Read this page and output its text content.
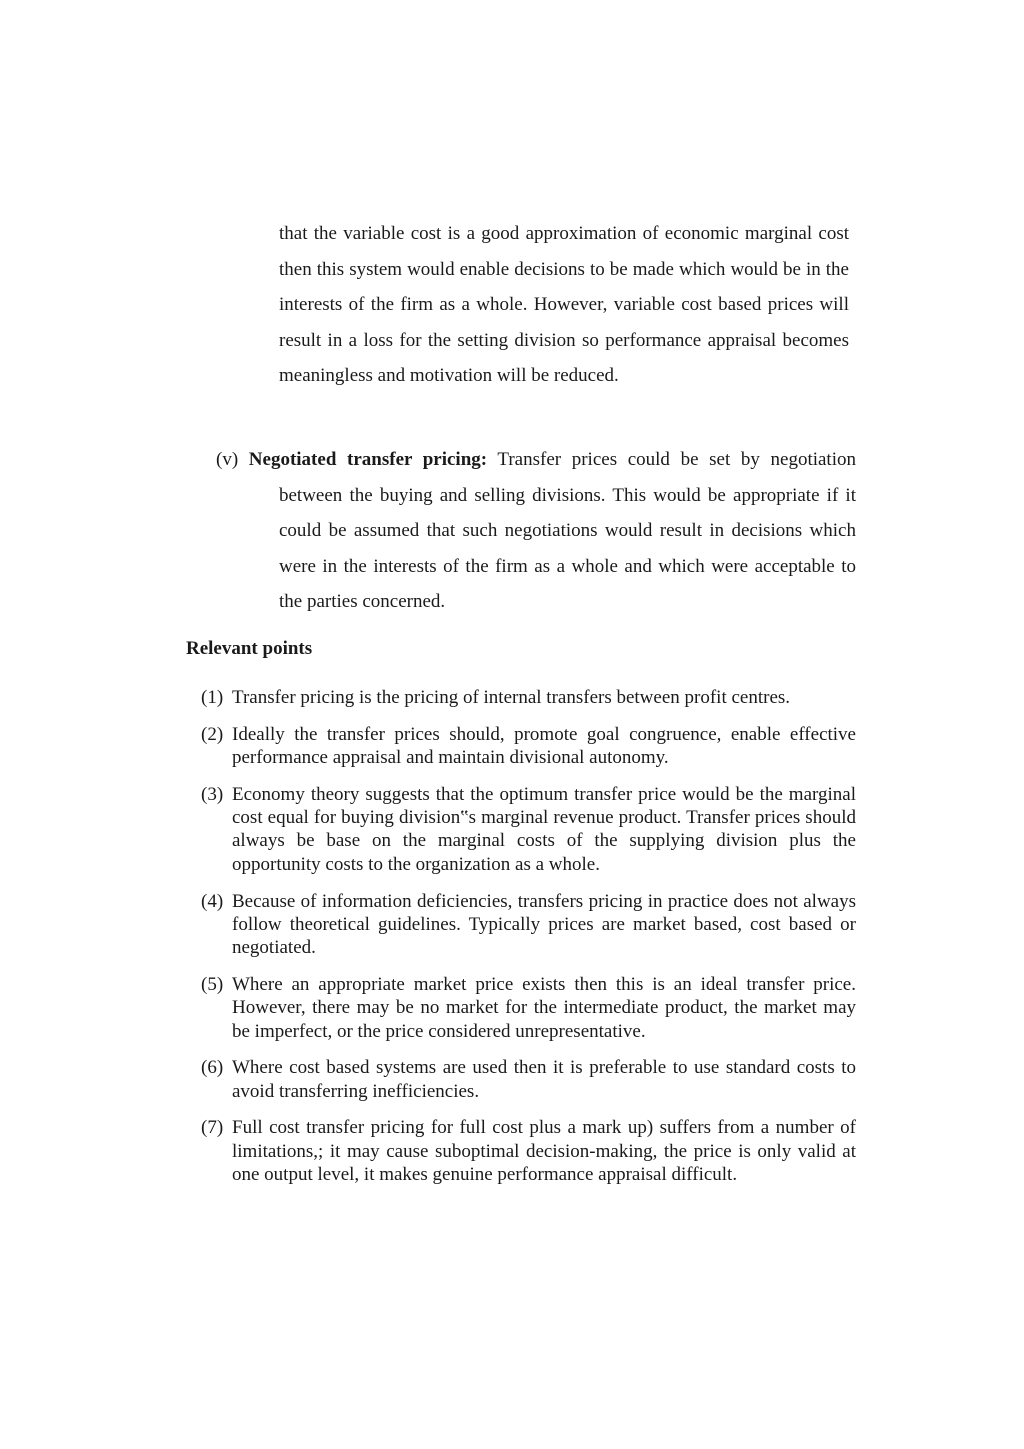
that the variable cost is a good approximation of economic marginal cost then this system would enable decisions to be made which would be in the interests of the firm as a whole. However, variable cost based prices will result in a loss for the setting division so performance appraisal becomes meaningless and motivation will be reduced.
(v) Negotiated transfer pricing: Transfer prices could be set by negotiation
between the buying and selling divisions. This would be appropriate if it could be assumed that such negotiations would result in decisions which were in the interests of the firm as a whole and which were acceptable to the parties concerned.
Relevant points
(1) Transfer pricing is the pricing of internal transfers between profit centres.
(2) Ideally the transfer prices should, promote goal congruence, enable effective performance appraisal and maintain divisional autonomy.
(3) Economy theory suggests that the optimum transfer price would be the marginal cost equal for buying division‟s marginal revenue product. Transfer prices should always be base on the marginal costs of the supplying division plus the opportunity costs to the organization as a whole.
(4) Because of information deficiencies, transfers pricing in practice does not always follow theoretical guidelines. Typically prices are market based, cost based or negotiated.
(5) Where an appropriate market price exists then this is an ideal transfer price. However, there may be no market for the intermediate product, the market may be imperfect, or the price considered unrepresentative.
(6) Where cost based systems are used then it is preferable to use standard costs to avoid transferring inefficiencies.
(7) Full cost transfer pricing for full cost plus a mark up) suffers from a number of limitations,; it may cause suboptimal decision-making, the price is only valid at one output level, it makes genuine performance appraisal difficult.
